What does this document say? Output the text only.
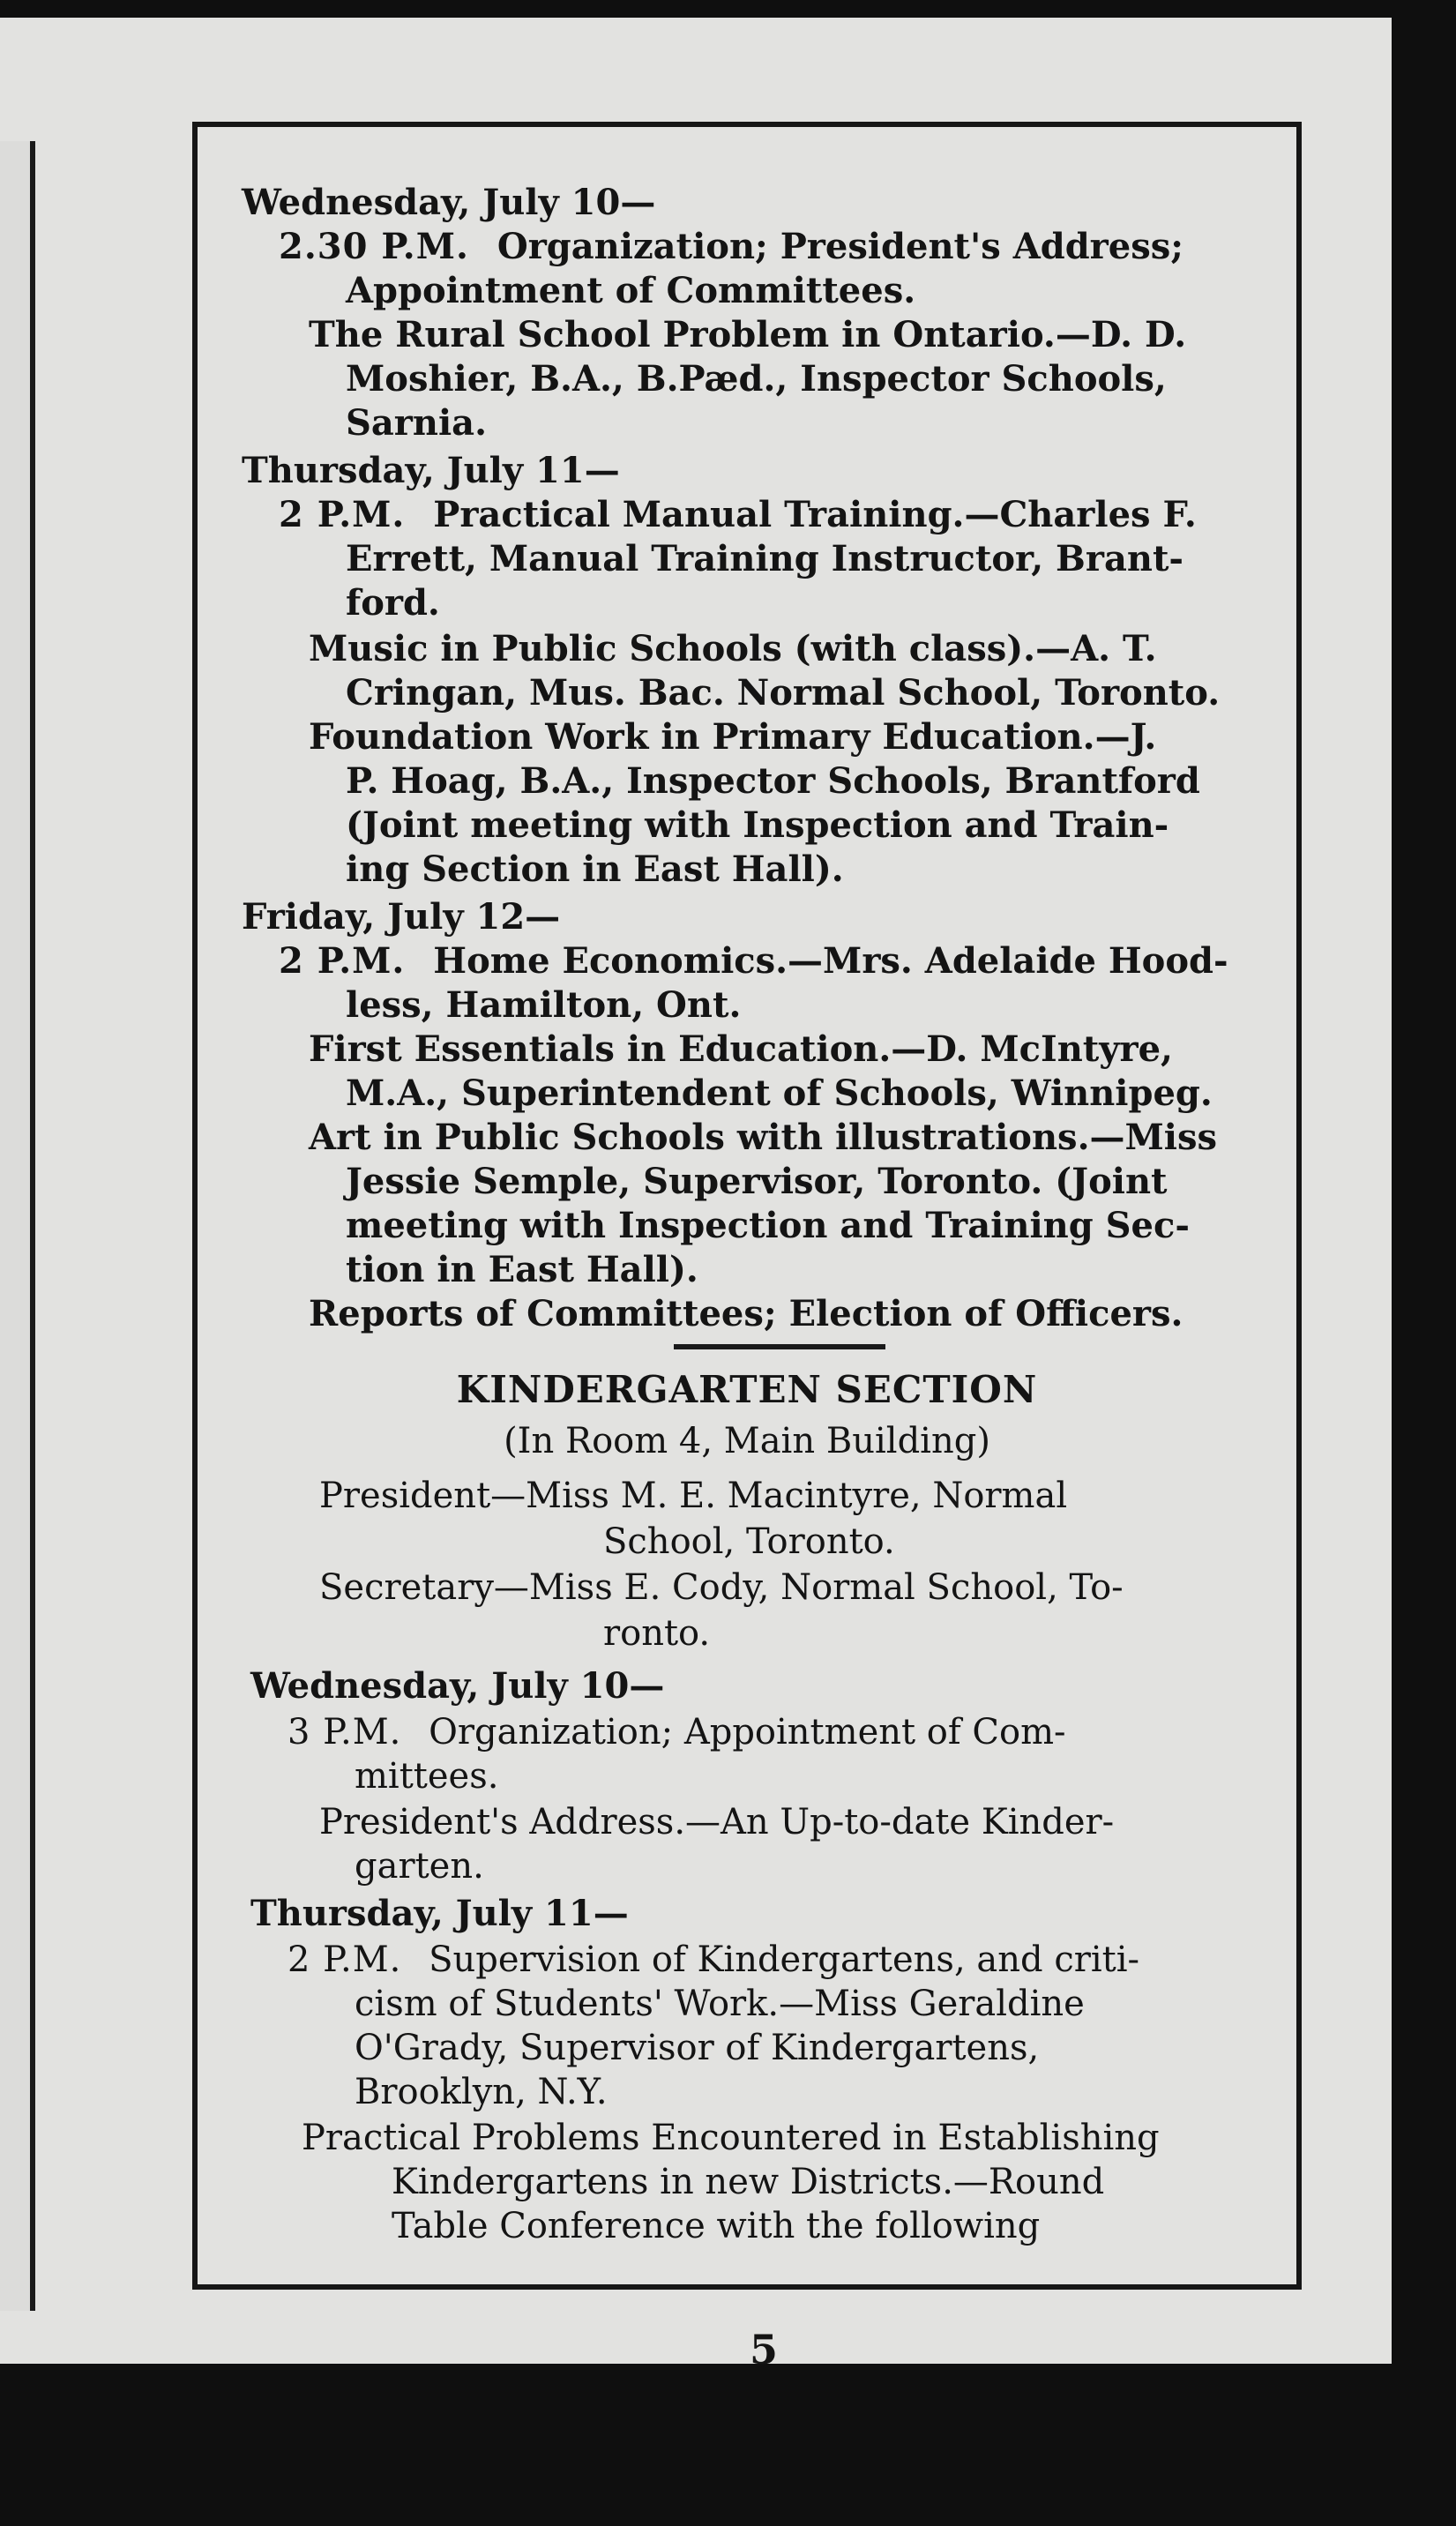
Wednesday, July 10—
2.30 P.M. Organization; President's Address;
Appointment of Committees.
The Rural School Problem in Ontario.—D. D.
Moshier, B.A., B.Pæd., Inspector Schools,
Sarnia.
Thursday, July 11—
2 P.M. Practical Manual Training.—Charles F.
Errett, Manual Training Instructor, Brant-
ford.
Music in Public Schools (with class).—A. T.
Cringan, Mus. Bac. Normal School, Toronto.
Foundation Work in Primary Education.—J.
P. Hoag, B.A., Inspector Schools, Brantford
(Joint meeting with Inspection and Train-
ing Section in East Hall).
Friday, July 12—
2 P.M. Home Economics.—Mrs. Adelaide Hood-
less, Hamilton, Ont.
First Essentials in Education.—D. McIntyre,
M.A., Superintendent of Schools, Winnipeg.
Art in Public Schools with illustrations.—Miss
Jessie Semple, Supervisor, Toronto. (Joint
meeting with Inspection and Training Sec-
tion in East Hall).
Reports of Committees; Election of Officers.
KINDERGARTEN SECTION
(In Room 4, Main Building)
President—Miss M. E. Macintyre, Normal
School, Toronto.
Secretary—Miss E. Cody, Normal School, To-
ronto.
Wednesday, July 10—
3 P.M. Organization; Appointment of Com-
mittees.
President's Address.—An Up-to-date Kinder-
garten.
Thursday, July 11—
2 P.M. Supervision of Kindergartens, and criti-
cism of Students' Work.—Miss Geraldine
O'Grady, Supervisor of Kindergartens,
Brooklyn, N.Y.
Practical Problems Encountered in Establishing
Kindergartens in new Districts.—Round
Table Conference with the following
5
